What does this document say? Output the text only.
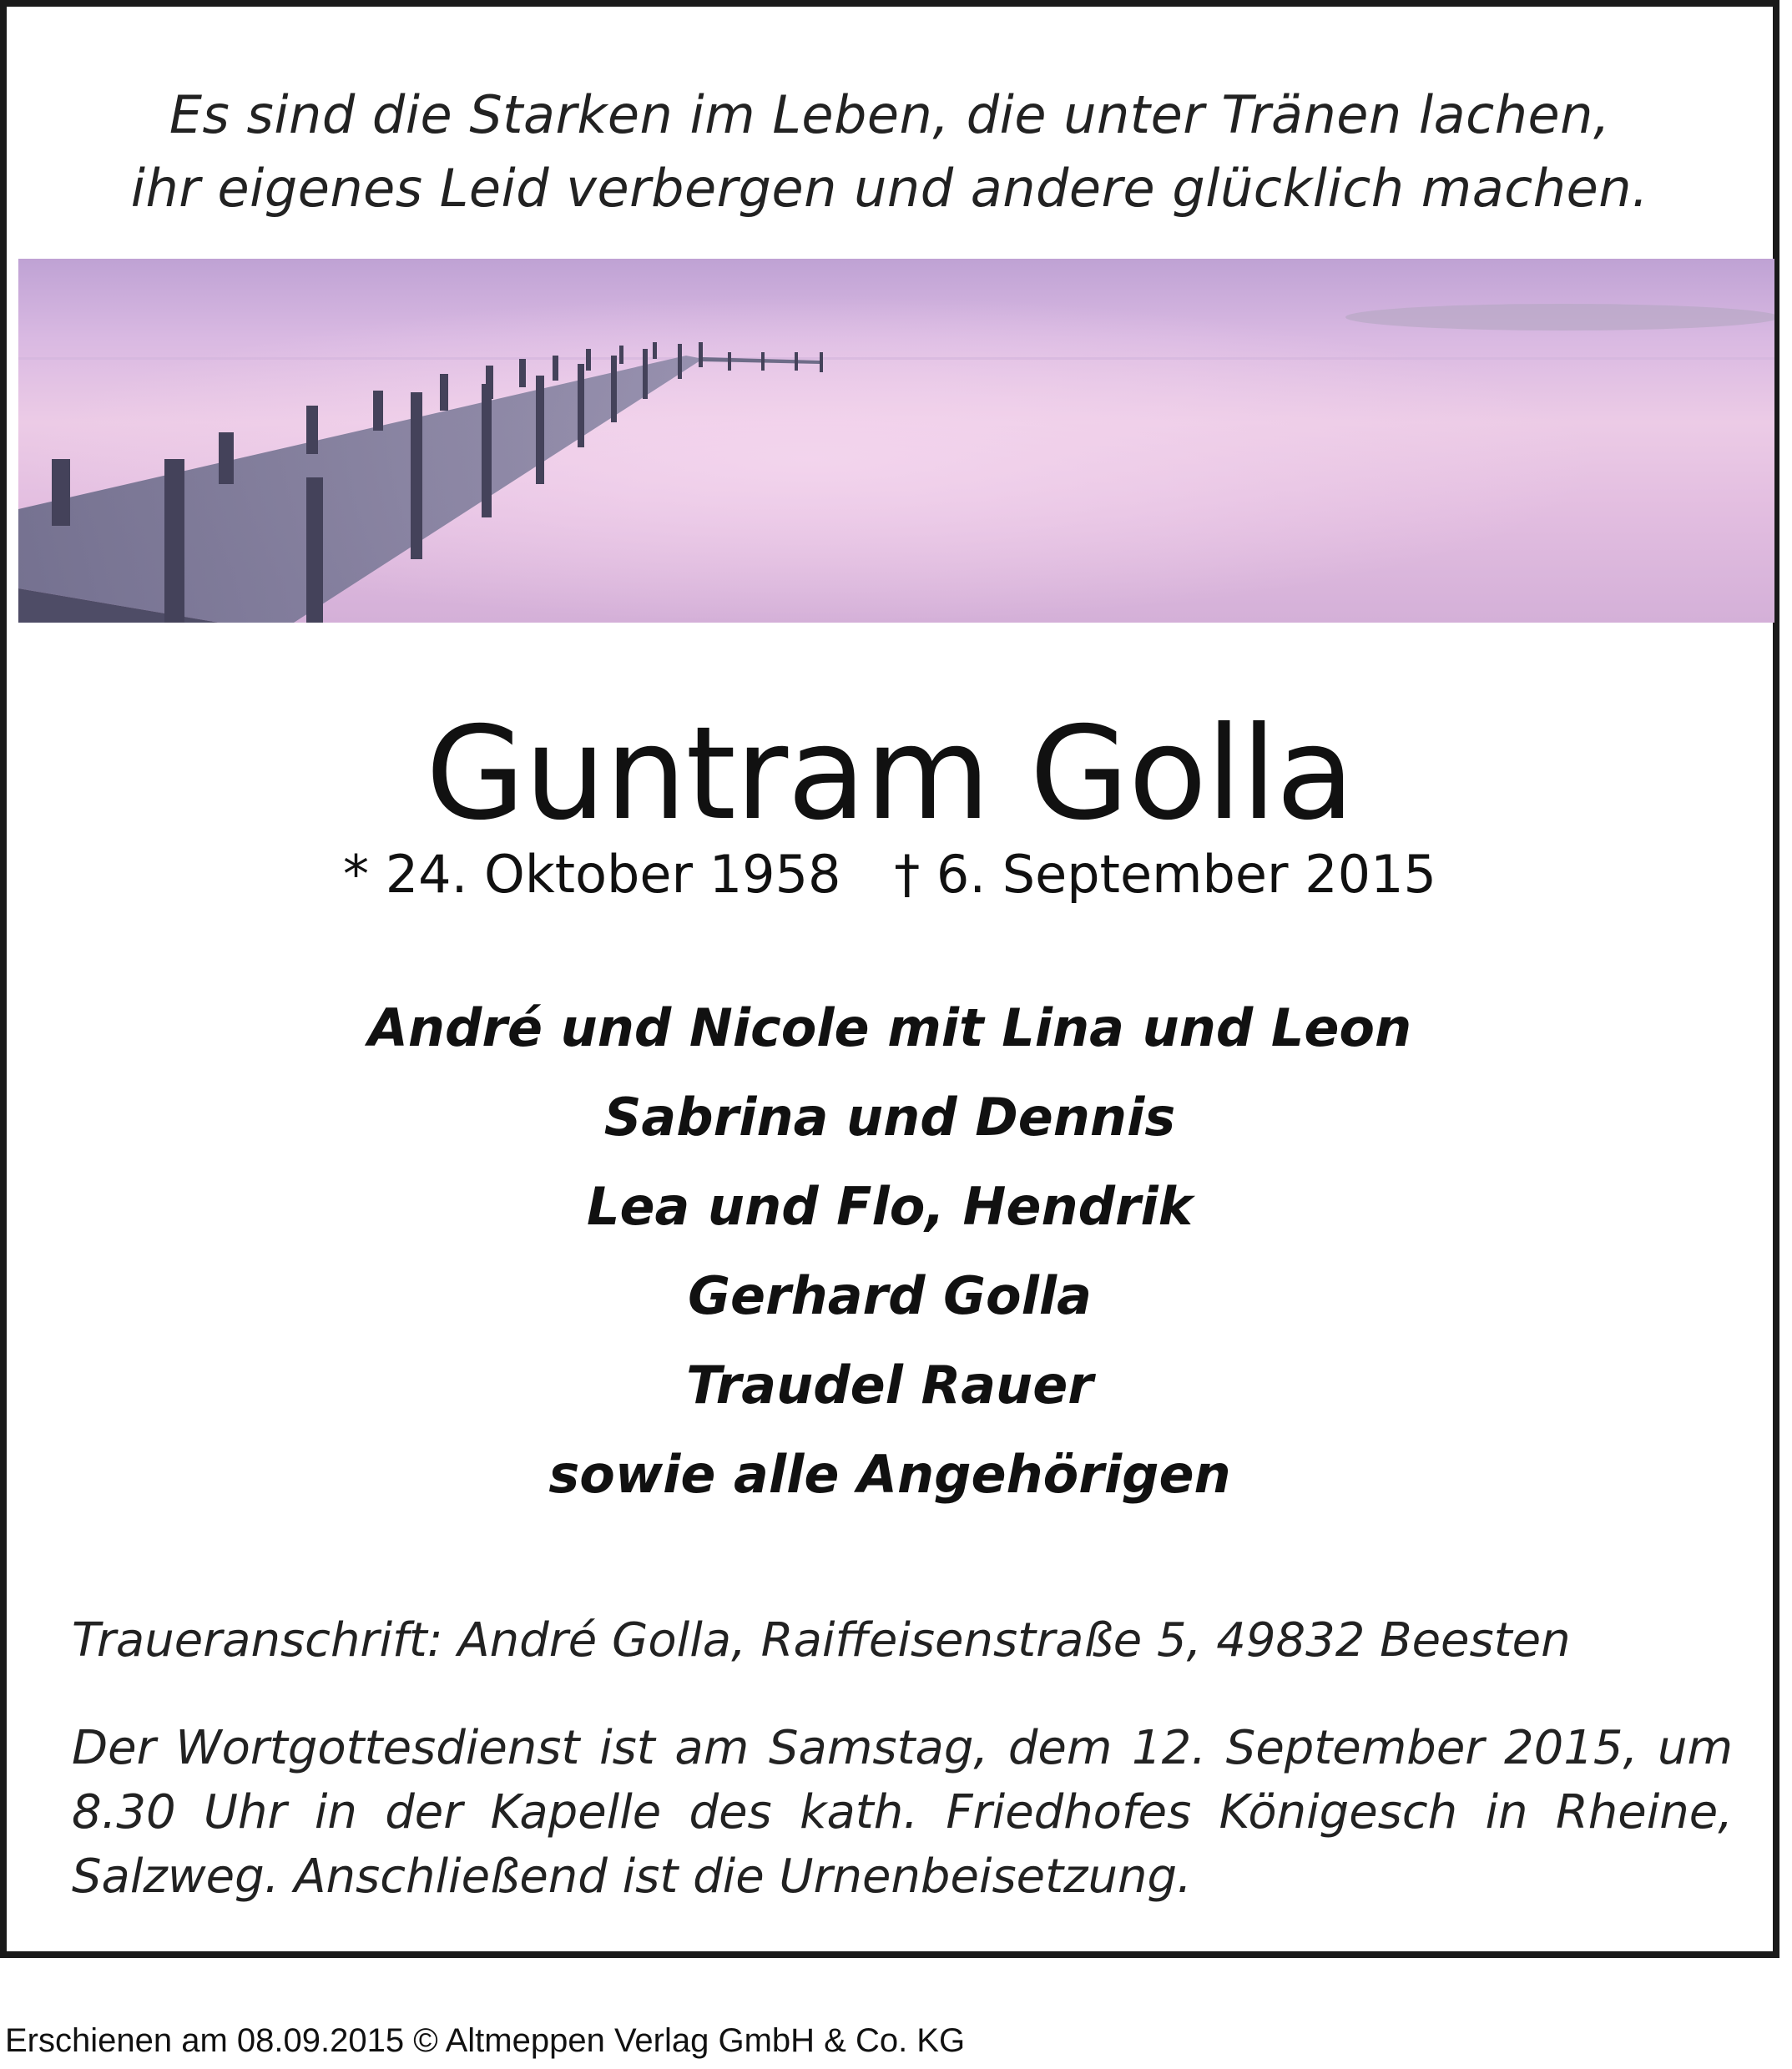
Es sind die Starken im Leben, die unter Tränen lachen,
ihr eigenes Leid verbergen und andere glücklich machen.
Guntram Golla
* 24. Oktober 1958 † 6. September 2015
André und Nicole mit Lina und Leon
Sabrina und Dennis
Lea und Flo, Hendrik
Gerhard Golla
Traudel Rauer
sowie alle Angehörigen
Traueranschrift: André Golla, Raiffeisenstraße 5, 49832 Beesten
Der Wortgottesdienst ist am Samstag, dem 12. September 2015, um 8.30 Uhr in der Kapelle des kath. Friedhofes Königesch in Rheine, Salzweg. Anschließend ist die Urnenbeisetzung.
Erschienen am 08.09.2015 © Altmeppen Verlag GmbH & Co. KG
